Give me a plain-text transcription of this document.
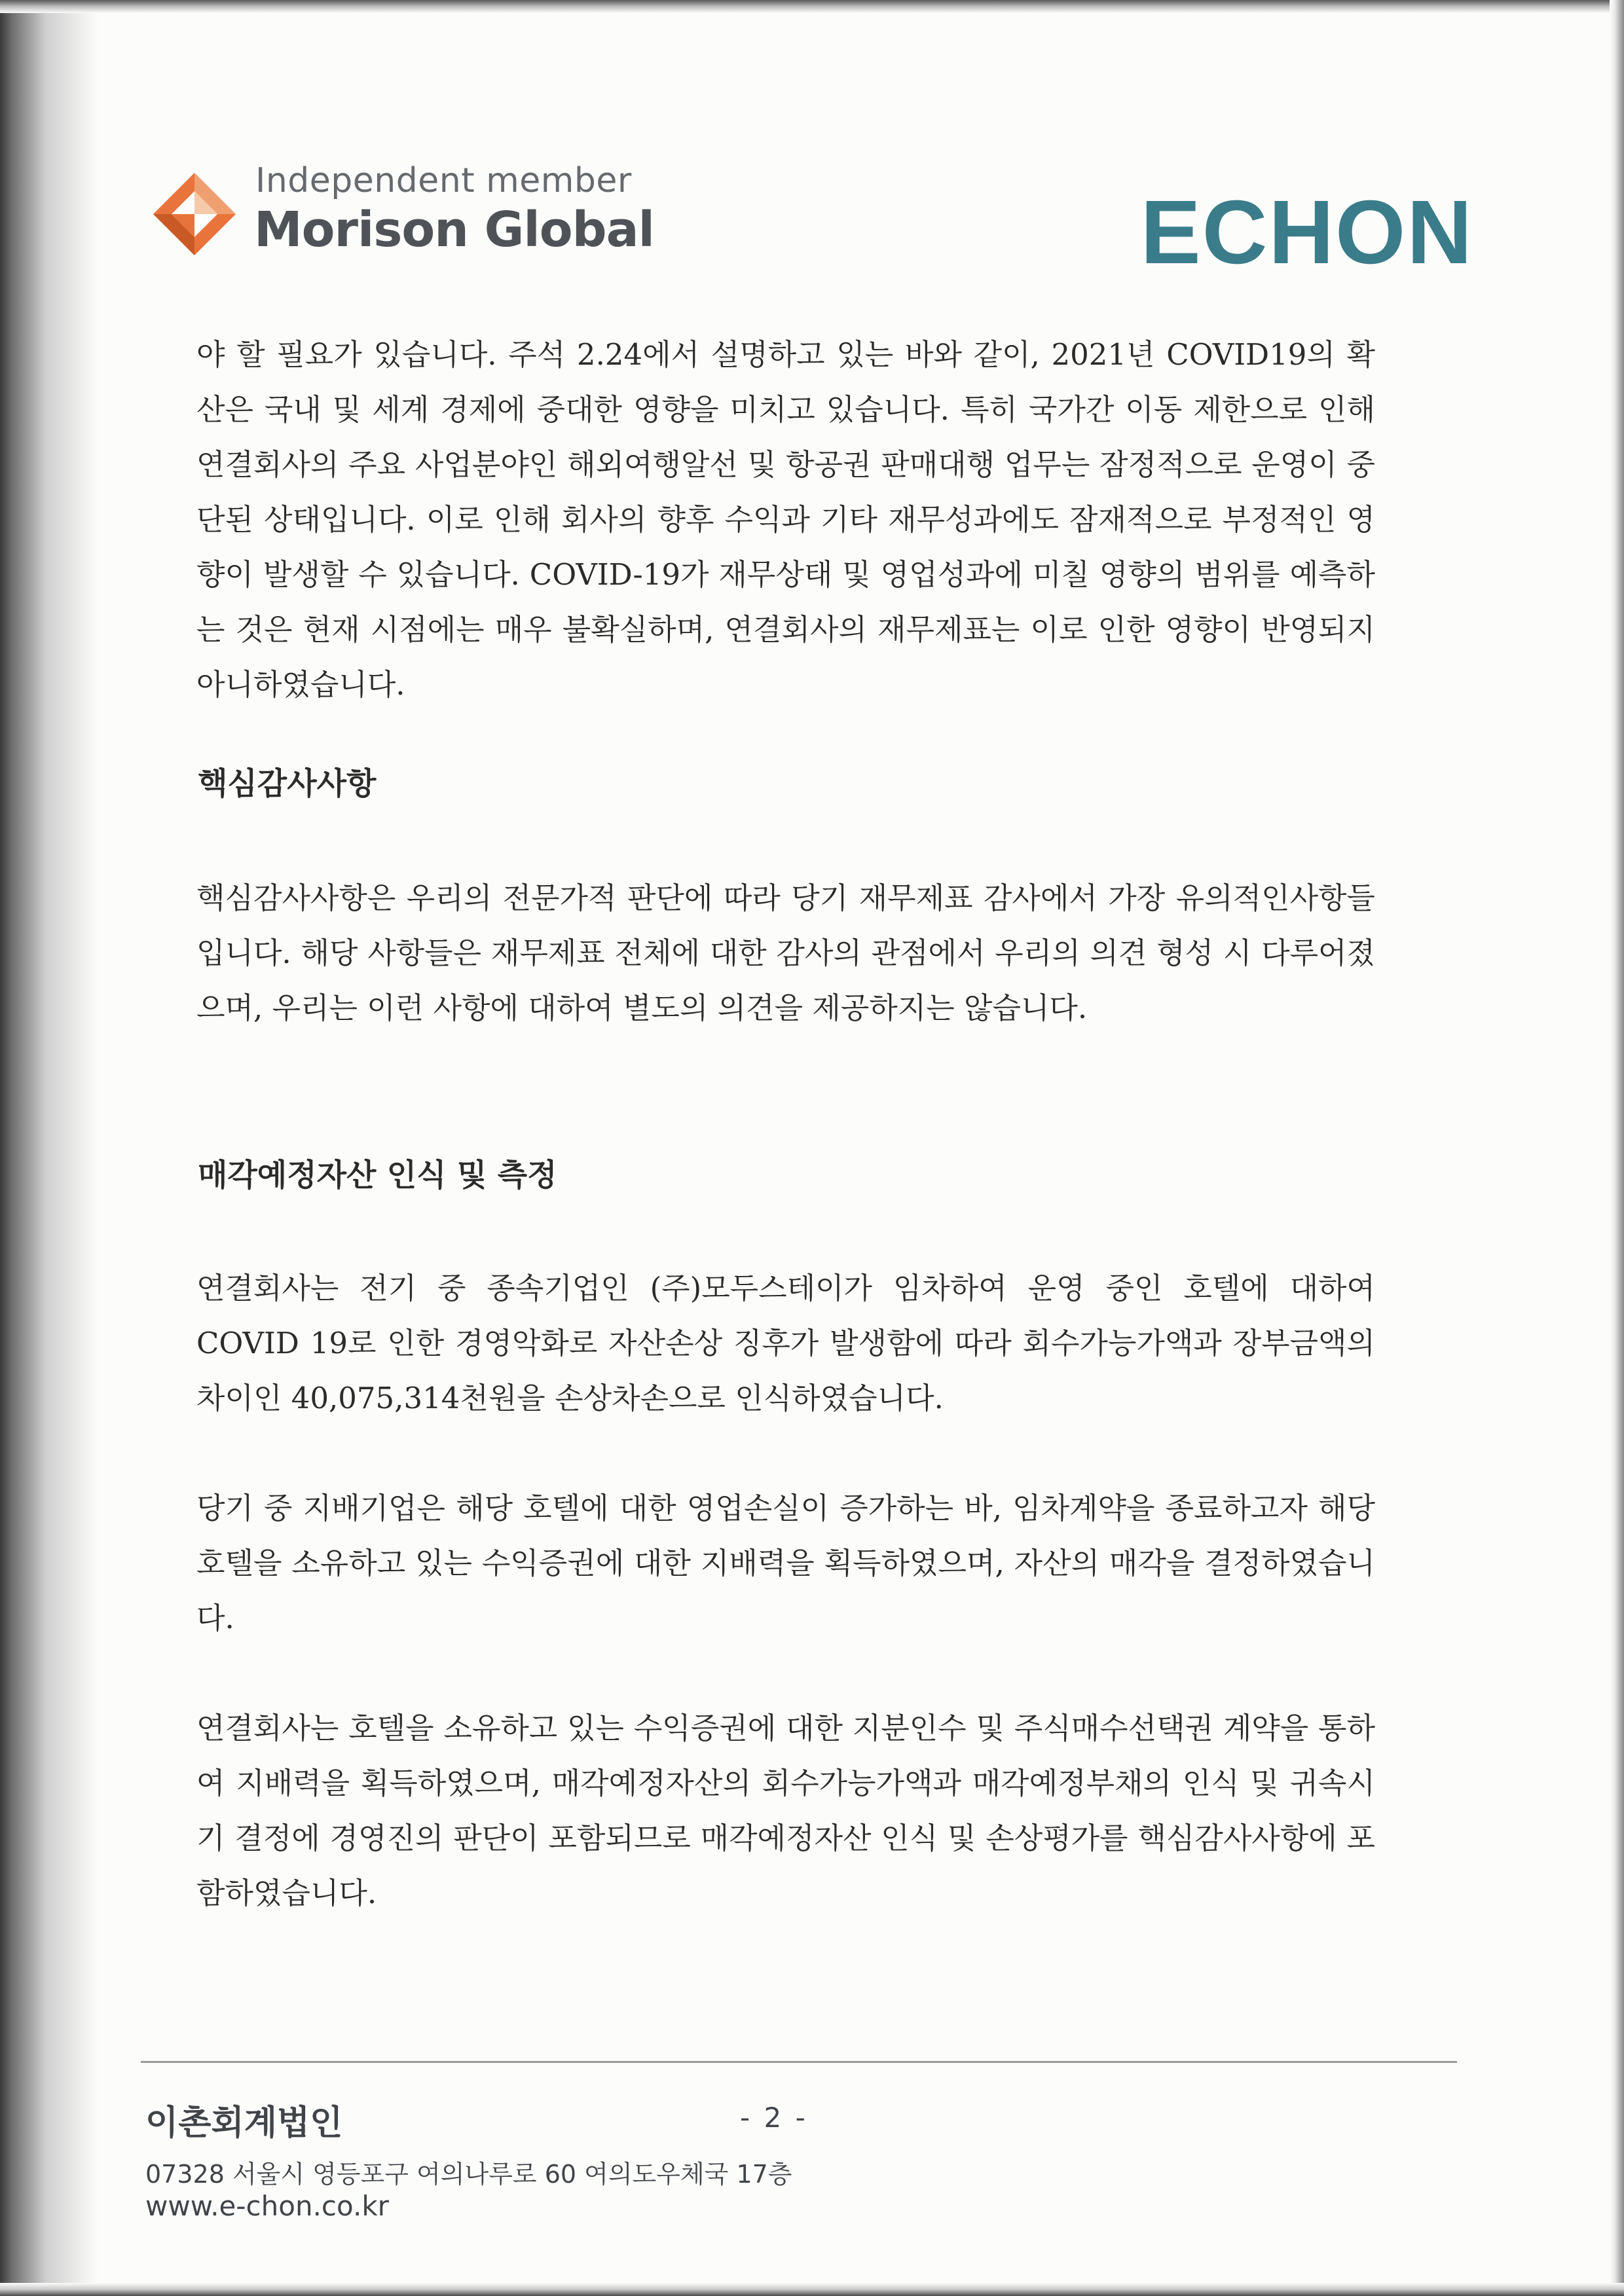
Independent member
Morison Global	ECHON

야 할 필요가 있습니다. 주석 2.24에서 설명하고 있는 바와 같이, 2021년 COVID19의 확산은 국내 및 세계 경제에 중대한 영향을 미치고 있습니다. 특히 국가간 이동 제한으로 인해 연결회사의 주요 사업분야인 해외여행알선 및 항공권 판매대행 업무는 잠정적으로 운영이 중단된 상태입니다. 이로 인해 회사의 향후 수익과 기타 재무성과에도 잠재적으로 부정적인 영향이 발생할 수 있습니다. COVID-19가 재무상태 및 영업성과에 미칠 영향의 범위를 예측하는 것은 현재 시점에는 매우 불확실하며, 연결회사의 재무제표는 이로 인한 영향이 반영되지 아니하였습니다.

핵심감사사항

핵심감사사항은 우리의 전문가적 판단에 따라 당기 재무제표 감사에서 가장 유의적인사항들입니다. 해당 사항들은 재무제표 전체에 대한 감사의 관점에서 우리의 의견 형성 시 다루어졌으며, 우리는 이런 사항에 대하여 별도의 의견을 제공하지는 않습니다.

매각예정자산 인식 및 측정

연결회사는 전기 중 종속기업인 (주)모두스테이가 임차하여 운영 중인 호텔에 대하여 COVID 19로 인한 경영악화로 자산손상 징후가 발생함에 따라 회수가능가액과 장부금액의 차이인 40,075,314천원을 손상차손으로 인식하였습니다.

당기 중 지배기업은 해당 호텔에 대한 영업손실이 증가하는 바, 임차계약을 종료하고자 해당 호텔을 소유하고 있는 수익증권에 대한 지배력을 획득하였으며, 자산의 매각을 결정하였습니다.

연결회사는 호텔을 소유하고 있는 수익증권에 대한 지분인수 및 주식매수선택권 계약을 통하여 지배력을 획득하였으며, 매각예정자산의 회수가능가액과 매각예정부채의 인식 및 귀속시기 결정에 경영진의 판단이 포함되므로 매각예정자산 인식 및 손상평가를 핵심감사사항에 포함하였습니다.

이촌회계법인	- 2 -
07328 서울시 영등포구 여의나루로 60 여의도우체국 17층
www.e-chon.co.kr
